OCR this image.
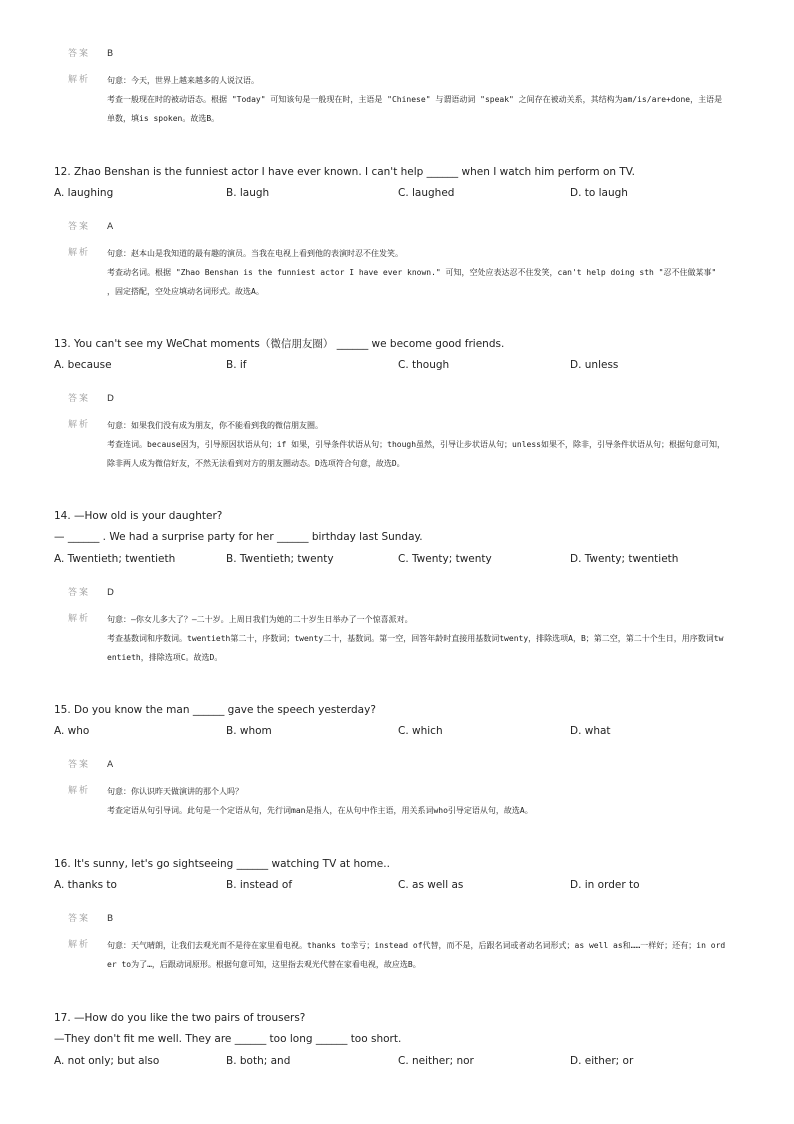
答案 B
解析 句意：今天，世界上越来越多的人说汉语。
考查一般现在时的被动语态。根据 "Today" 可知该句是一般现在时，主语是 "Chinese" 与谓语动词 "speak" 之间存在被动关系，其结构为am/is/are+done，主语是单数，填is spoken。故选B。
12. Zhao Benshan is the funniest actor I have ever known. I can't help ______ when I watch him perform on TV.
A. laughing	B. laugh	C. laughed	D. to laugh
答案 A
解析 句意：赵本山是我知道的最有趣的演员。当我在电视上看到他的表演时忍不住发笑。
考查动名词。根据 "Zhao Benshan is the funniest actor I have ever known." 可知，空处应表达忍不住发笑，can't help doing sth "忍不住做某事" ，固定搭配，空处应填动名词形式。故选A。
13. You can't see my WeChat moments（微信朋友圈） ______ we become good friends.
A. because	B. if	C. though	D. unless
答案 D
解析 句意：如果我们没有成为朋友，你不能看到我的微信朋友圈。
考查连词。because因为，引导原因状语从句；if 如果，引导条件状语从句；though虽然，引导让步状语从句；unless如果不，除非，引导条件状语从句；根据句意可知，除非两人成为微信好友，不然无法看到对方的朋友圈动态。D选项符合句意，故选D。
14. —How old is your daughter?
— ______ . We had a surprise party for her ______ birthday last Sunday.
A. Twentieth; twentieth	B. Twentieth; twenty	C. Twenty; twenty	D. Twenty; twentieth
答案 D
解析 句意：—你女儿多大了？—二十岁。上周日我们为她的二十岁生日举办了一个惊喜派对。
考查基数词和序数词。twentieth第二十，序数词；twenty二十，基数词。第一空，回答年龄时直接用基数词twenty，排除选项A，B；第二空，第二十个生日，用序数词twentieth，排除选项C。故选D。
15. Do you know the man ______ gave the speech yesterday?
A. who	B. whom	C. which	D. what
答案 A
解析 句意：你认识昨天做演讲的那个人吗？
考查定语从句引导词。此句是一个定语从句，先行词man是指人，在从句中作主语，用关系词who引导定语从句，故选A。
16. It's sunny, let's go sightseeing ______ watching TV at home..
A. thanks to	B. instead of	C. as well as	D. in order to
答案 B
解析 句意：天气晴朗，让我们去观光而不是待在家里看电视。thanks to幸亏；instead of代替，而不是，后跟名词或者动名词形式；as well as和……一样好；还有；in order to为了…，后跟动词原形。根据句意可知，这里指去观光代替在家看电视，故应选B。
17. —How do you like the two pairs of trousers?
—They don't fit me well. They are ______ too long ______ too short.
A. not only; but also	B. both; and	C. neither; nor	D. either; or
